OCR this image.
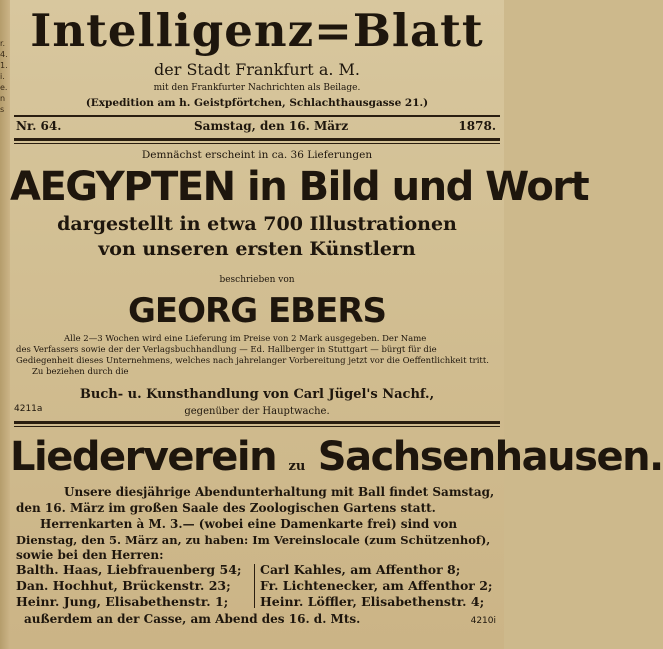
r.
4.
1.
i.
e.
n
s
Intelligenz=Blatt
der Stadt Frankfurt a. M.
mit den Frankfurter Nachrichten als Beilage.
(Expedition am h. Geistpförtchen, Schlachthausgasse 21.)
Nr. 64.	Samstag, den 16. März	1878.
Demnächst erscheint in ca. 36 Lieferungen
AEGYPTEN in Bild und Wort
dargestellt in etwa 700 Illustrationen
von unseren ersten Künstlern
beschrieben von
GEORG EBERS
Alle 2—3 Wochen wird eine Lieferung im Preise von 2 Mark ausgegeben. Der Name
des Verfassers sowie der der Verlagsbuchhandlung — Ed. Hallberger in Stuttgart — bürgt für die
Gediegenheit dieses Unternehmens, welches nach jahrelanger Vorbereitung jetzt vor die Oeffentlichkeit tritt.
Zu beziehen durch die
Buch- u. Kunsthandlung von Carl Jügel's Nachf.,
gegenüber der Hauptwache.
4211a
Liederverein zu Sachsenhausen.
Unsere diesjährige Abendunterhaltung mit Ball findet Samstag,
den 16. März im großen Saale des Zoologischen Gartens statt.
Herrenkarten à M. 3.— (wobei eine Damenkarte frei) sind von
Dienstag, den 5. März an, zu haben: Im Vereinslocale (zum Schützenhof),
sowie bei den Herren:
Balth. Haas, Liebfrauenberg 54;
Dan. Hochhut, Brückenstr. 23;
Heinr. Jung, Elisabethenstr. 1;
Carl Kahles, am Affenthor 8;
Fr. Lichtenecker, am Affenthor 2;
Heinr. Löffler, Elisabethenstr. 4;
außerdem an der Casse, am Abend des 16. d. Mts.	4210i
